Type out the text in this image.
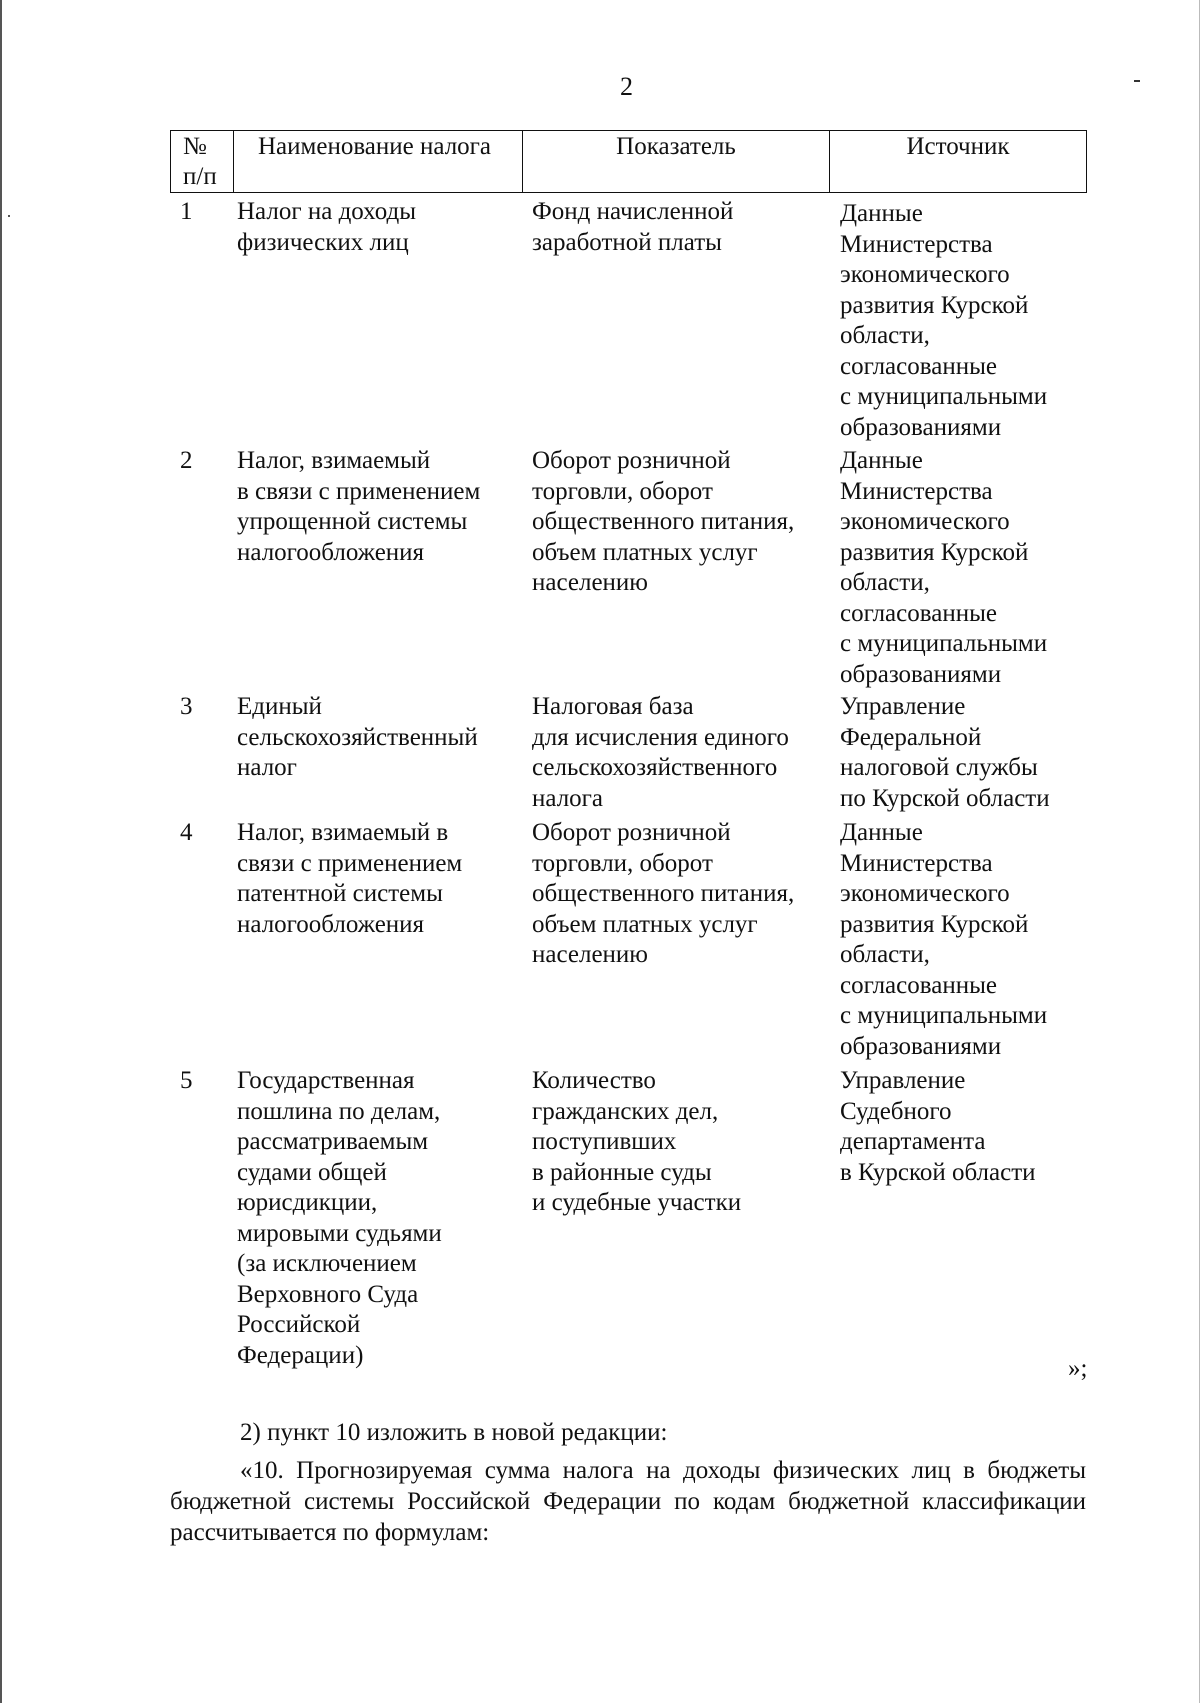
2
№
п/п
Наименование налога	Показатель	Источник
1 Налог на доходы
физических лиц
Фонд начисленной
заработной платы
Данные
Министерства
экономического
развития Курской
области,
согласованные
с муниципальными
образованиями
2 Налог, взимаемый
в связи с применением
упрощенной системы
налогообложения
Оборот розничной
торговли, оборот
общественного питания,
объем платных услуг
населению
Данные
Министерства
экономического
развития Курской
области,
согласованные
с муниципальными
образованиями
3 Единый
сельскохозяйственный
налог
Налоговая база
для исчисления единого
сельскохозяйственного
налога
Управление
Федеральной
налоговой службы
по Курской области
4 Налог, взимаемый в
связи с применением
патентной системы
налогообложения
Оборот розничной
торговли, оборот
общественного питания,
объем платных услуг
населению
Данные
Министерства
экономического
развития Курской
области,
согласованные
с муниципальными
образованиями
5 Государственная
пошлина по делам,
рассматриваемым
судами общей
юрисдикции,
мировыми судьями
(за исключением
Верховного Суда
Российской
Федерации)
Количество
гражданских дел,
поступивших
в районные суды
и судебные участки
Управление
Судебного
департамента
в Курской области
»;
2) пункт 10 изложить в новой редакции:
«10. Прогнозируемая сумма налога на доходы физических лиц в бюджеты бюджетной системы Российской Федерации по кодам бюджетной классификации рассчитывается по формулам:
